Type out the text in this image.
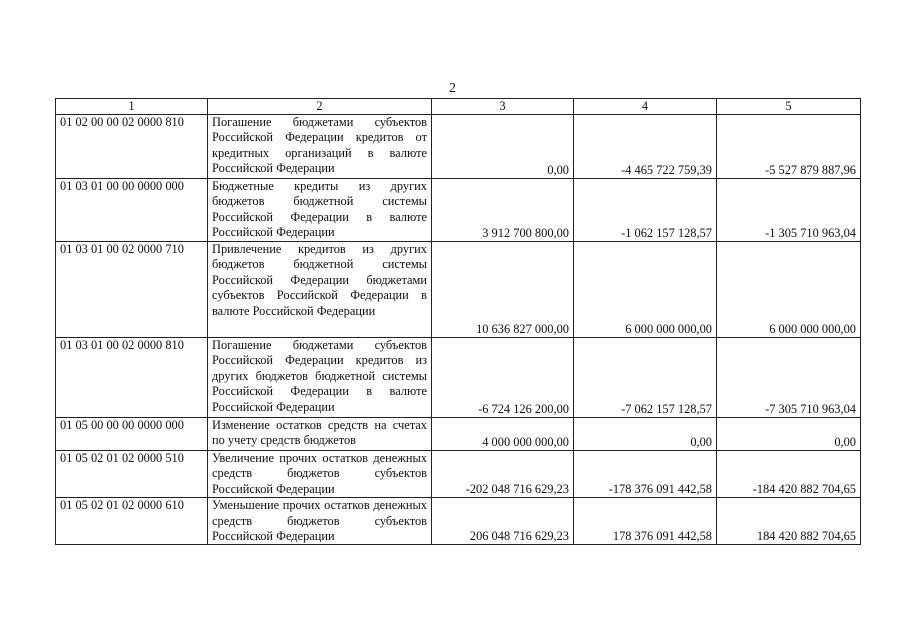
2
1	2	3	4	5
01 02 00 00 02 0000 810	Погашение бюджетами субъектов Российской Федерации кредитов от кредитных организаций в валюте Российской Федерации	0,00	-4 465 722 759,39	-5 527 879 887,96
01 03 01 00 00 0000 000	Бюджетные кредиты из других бюджетов бюджетной системы Российской Федерации в валюте Российской Федерации	3 912 700 800,00	-1 062 157 128,57	-1 305 710 963,04
01 03 01 00 02 0000 710	Привлечение кредитов из других бюджетов бюджетной системы Российской Федерации бюджетами субъектов Российской Федерации в валюте Российской Федерации	10 636 827 000,00	6 000 000 000,00	6 000 000 000,00
01 03 01 00 02 0000 810	Погашение бюджетами субъектов Российской Федерации кредитов из других бюджетов бюджетной системы Российской Федерации в валюте Российской Федерации	-6 724 126 200,00	-7 062 157 128,57	-7 305 710 963,04
01 05 00 00 00 0000 000	Изменение остатков средств на счетах по учету средств бюджетов	4 000 000 000,00	0,00	0,00
01 05 02 01 02 0000 510	Увеличение прочих остатков денежных средств бюджетов субъектов Российской Федерации	-202 048 716 629,23	-178 376 091 442,58	-184 420 882 704,65
01 05 02 01 02 0000 610	Уменьшение прочих остатков денежных средств бюджетов субъектов Российской Федерации	206 048 716 629,23	178 376 091 442,58	184 420 882 704,65
